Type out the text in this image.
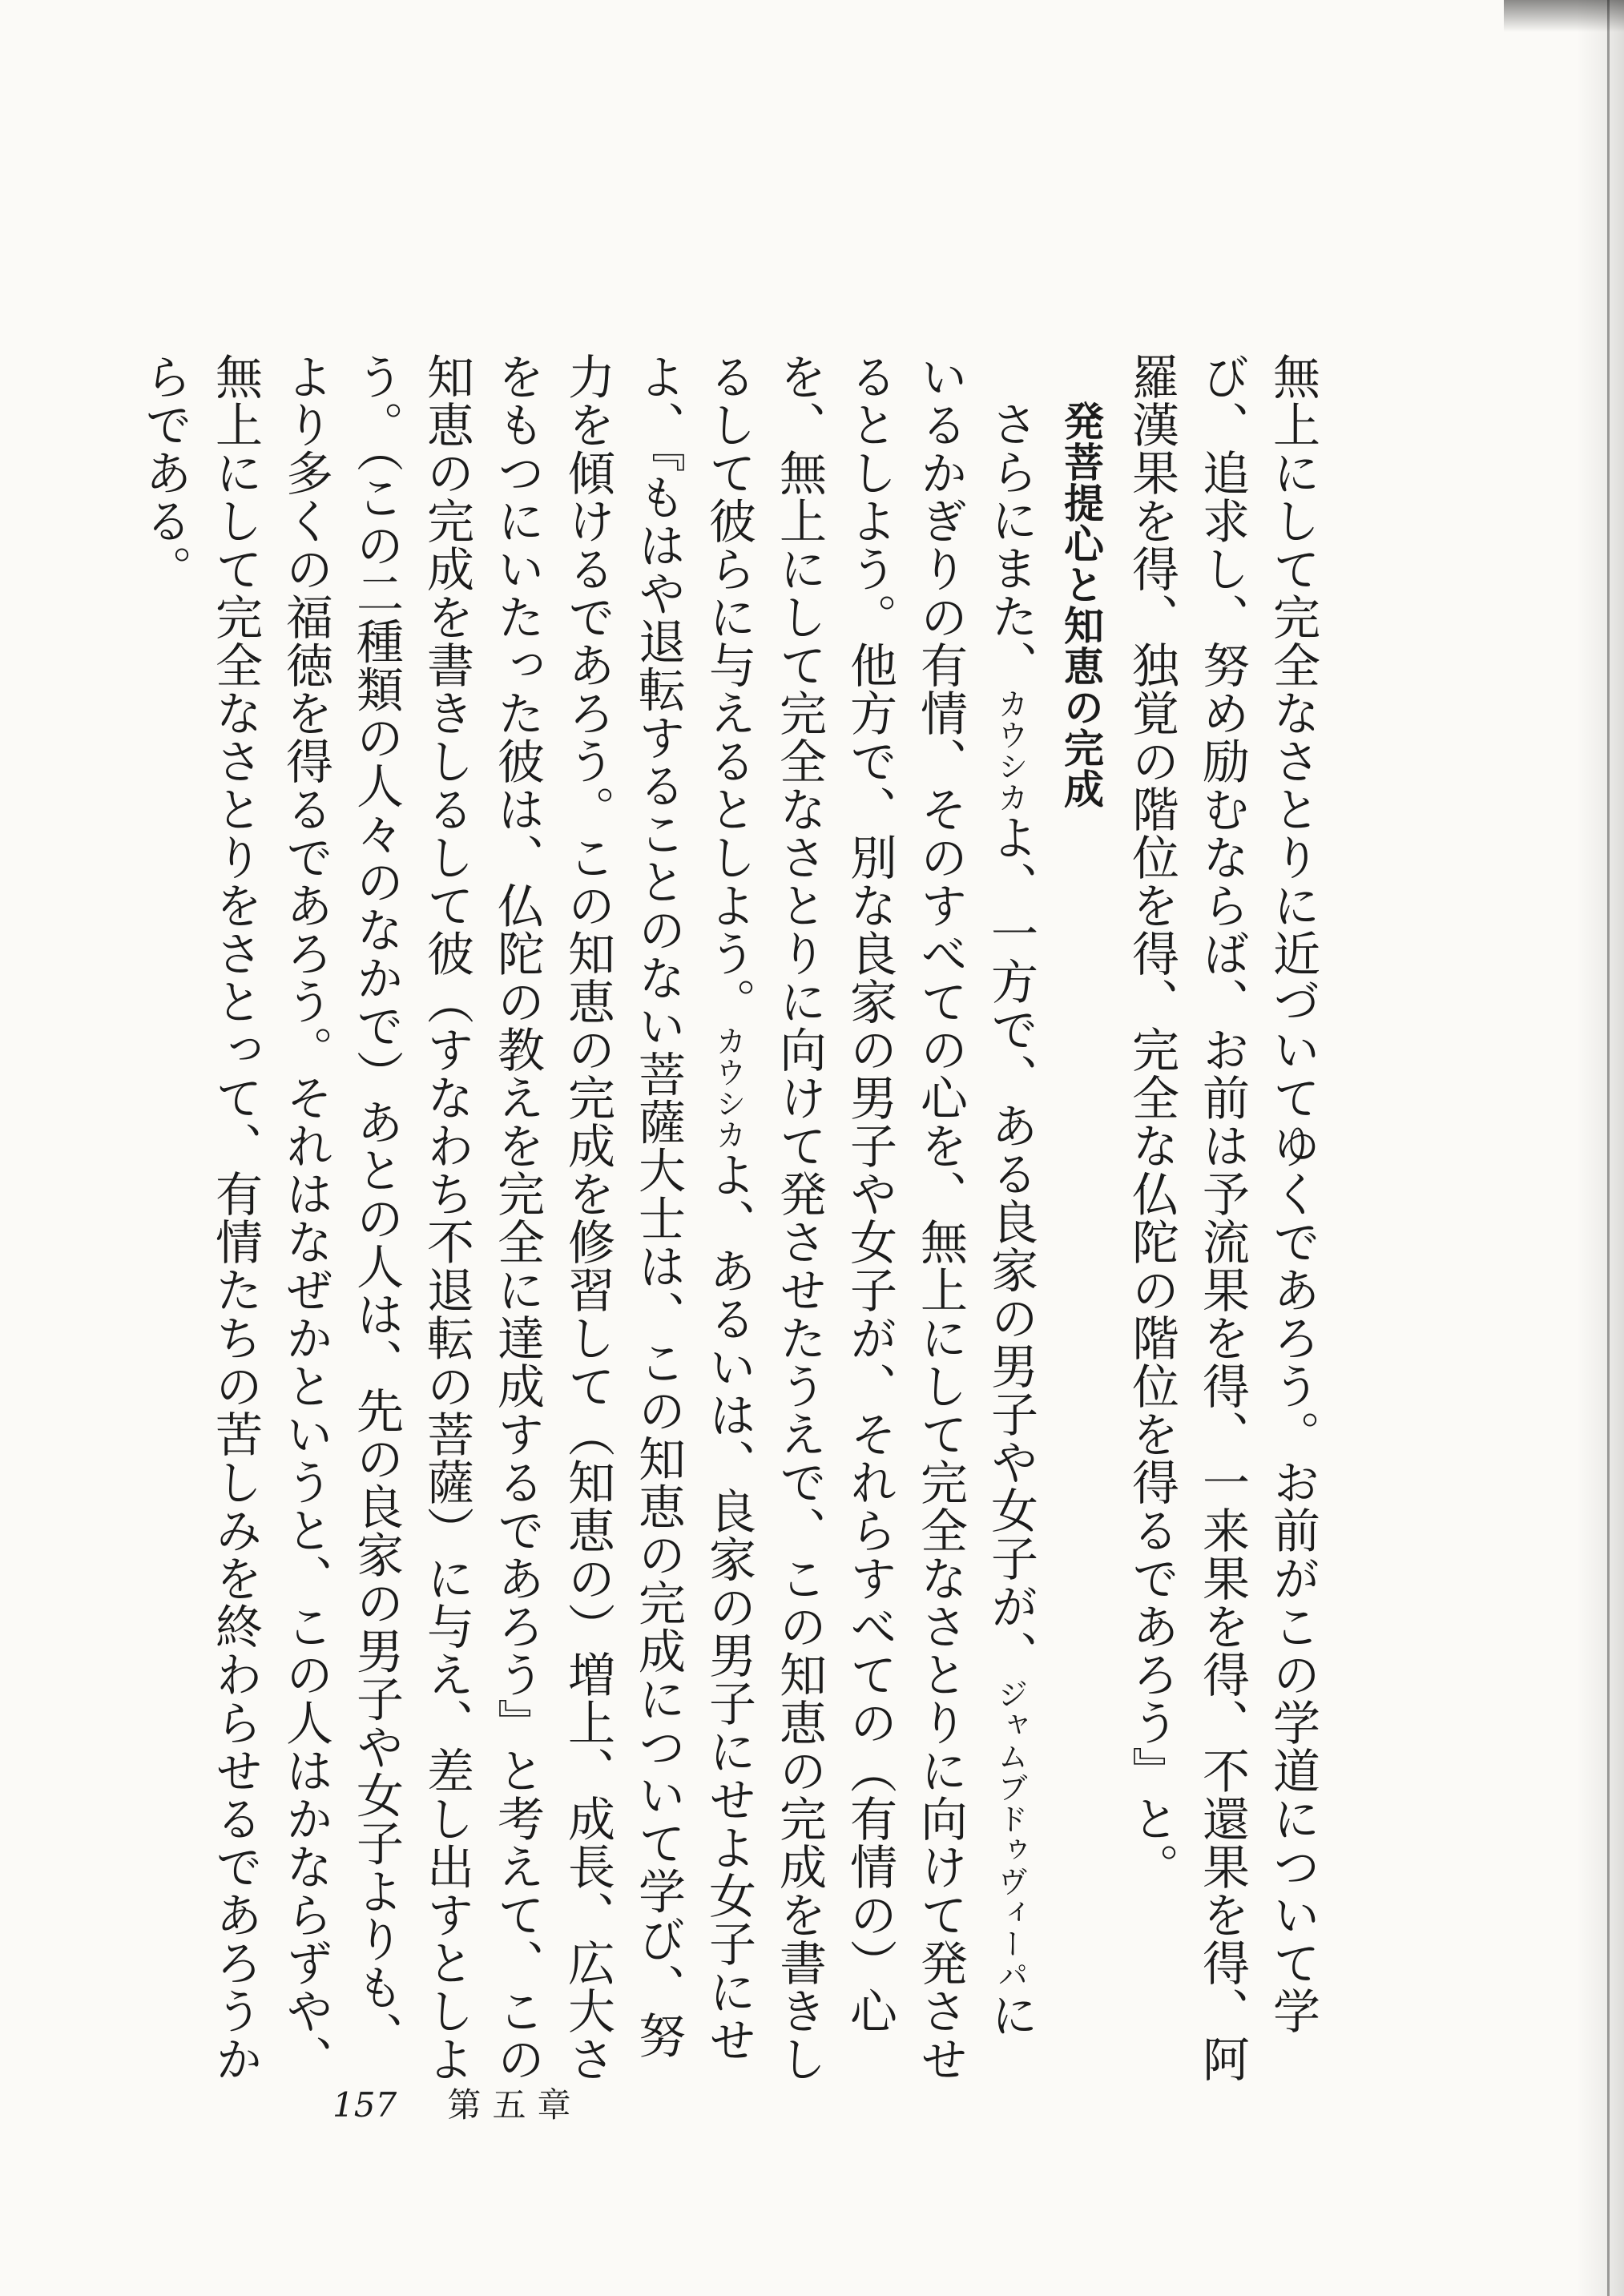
無上にして完全なさとりに近づいてゆくであろう。お前がこの学道について学び、追求し、努め励むならば、お前は予流果を得、一来果を得、不還果を得、阿羅漢果を得、独覚の階位を得、完全な仏陀の階位を得るであろう』と。

発菩提心と知恵の完成

さらにまた、カウシカよ、一方で、ある良家の男子や女子が、ジャムブドゥヴィーパにいるかぎりの有情、そのすべての心を、無上にして完全なさとりに向けて発させるとしよう。他方で、別な良家の男子や女子が、それらすべての（有情の）心を、無上にして完全なさとりに向けて発させたうえで、この知恵の完成を書きしるして彼らに与えるとしよう。カウシカよ、あるいは、良家の男子にせよ女子にせよ、『もはや退転することのない菩薩大士は、この知恵の完成について学び、努力を傾けるであろう。この知恵の完成を修習して（知恵の）増上、成長、広大さをもつにいたった彼は、仏陀の教えを完全に達成するであろう』と考えて、この知恵の完成を書きしるして彼（すなわち不退転の菩薩）に与え、差し出すとしよう。（この二種類の人々のなかで）あとの人は、先の良家の男子や女子よりも、より多くの福徳を得るであろう。それはなぜかというと、この人はかならずや、無上にして完全なさとりをさとって、有情たちの苦しみを終わらせるであろうからである。

157 第五章
